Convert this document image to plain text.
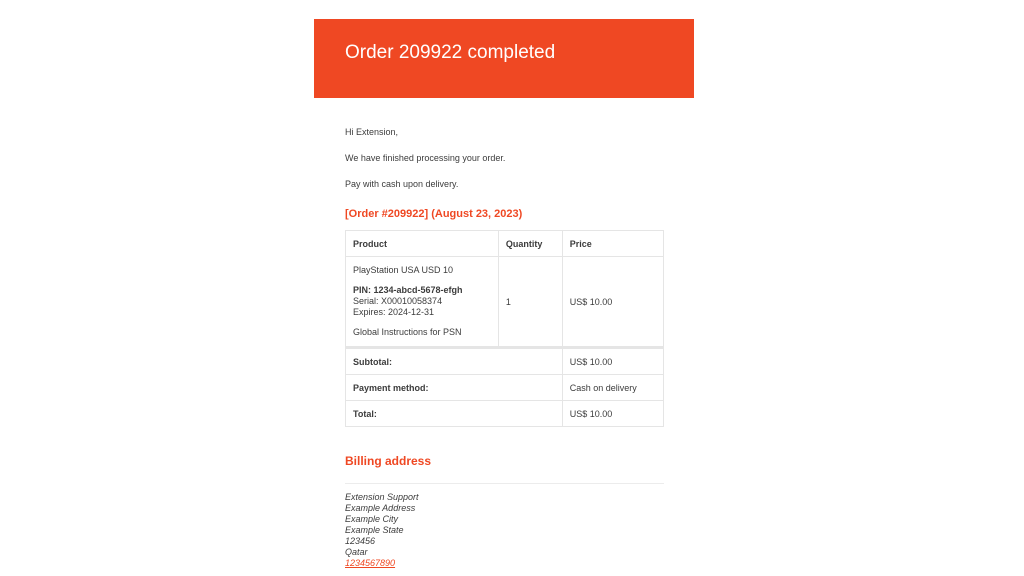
Order 209922 completed

Hi Extension,

We have finished processing your order.

Pay with cash upon delivery.

[Order #209922] (August 23, 2023)
Product	Quantity	Price

PlayStation USA USD 10
PIN: 1234-abcd-5678-efgh
Serial: X00010058374
Expires: 2024-12-31
Global Instructions for PSN	1	US$ 10.00
Subtotal:		US$ 10.00
Payment method:		Cash on delivery
Total:		US$ 10.00
Billing address
Extension Support
Example Address
Example City
Example State
123456
Qatar
1234567890
